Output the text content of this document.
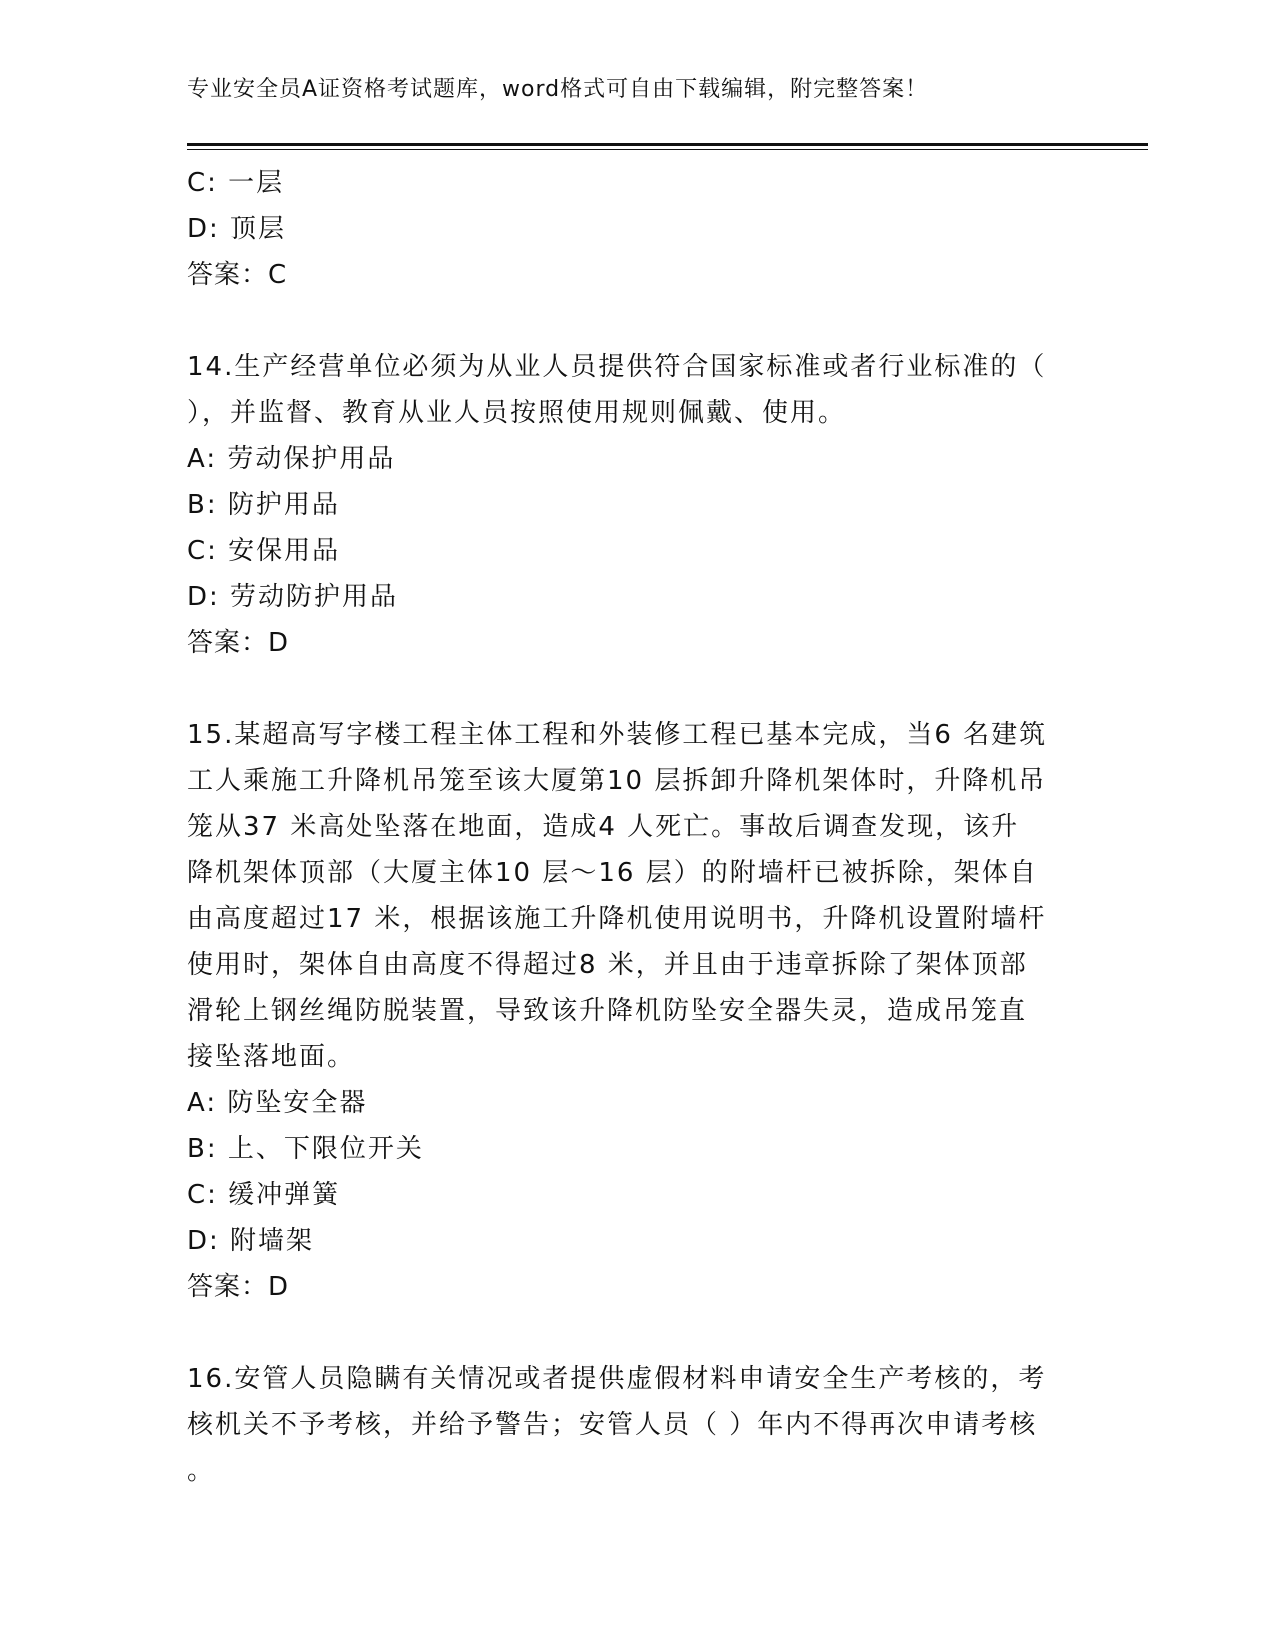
专业安全员A证资格考试题库，word格式可自由下载编辑，附完整答案！
C: 一层
D: 顶层
答案：C
14.生产经营单位必须为从业人员提供符合国家标准或者行业标准的（
），并监督、教育从业人员按照使用规则佩戴、使用。
A: 劳动保护用品
B: 防护用品
C: 安保用品
D: 劳动防护用品
答案：D
15.某超高写字楼工程主体工程和外装修工程已基本完成，当6 名建筑
工人乘施工升降机吊笼至该大厦第10 层拆卸升降机架体时，升降机吊
笼从37 米高处坠落在地面，造成4 人死亡。事故后调查发现，该升
降机架体顶部（大厦主体10 层～16 层）的附墙杆已被拆除，架体自
由高度超过17 米，根据该施工升降机使用说明书，升降机设置附墙杆
使用时，架体自由高度不得超过8 米，并且由于违章拆除了架体顶部
滑轮上钢丝绳防脱装置，导致该升降机防坠安全器失灵，造成吊笼直
接坠落地面。
A: 防坠安全器
B: 上、下限位开关
C: 缓冲弹簧
D: 附墙架
答案：D
16.安管人员隐瞒有关情况或者提供虚假材料申请安全生产考核的，考
核机关不予考核，并给予警告；安管人员（ ）年内不得再次申请考核
。
